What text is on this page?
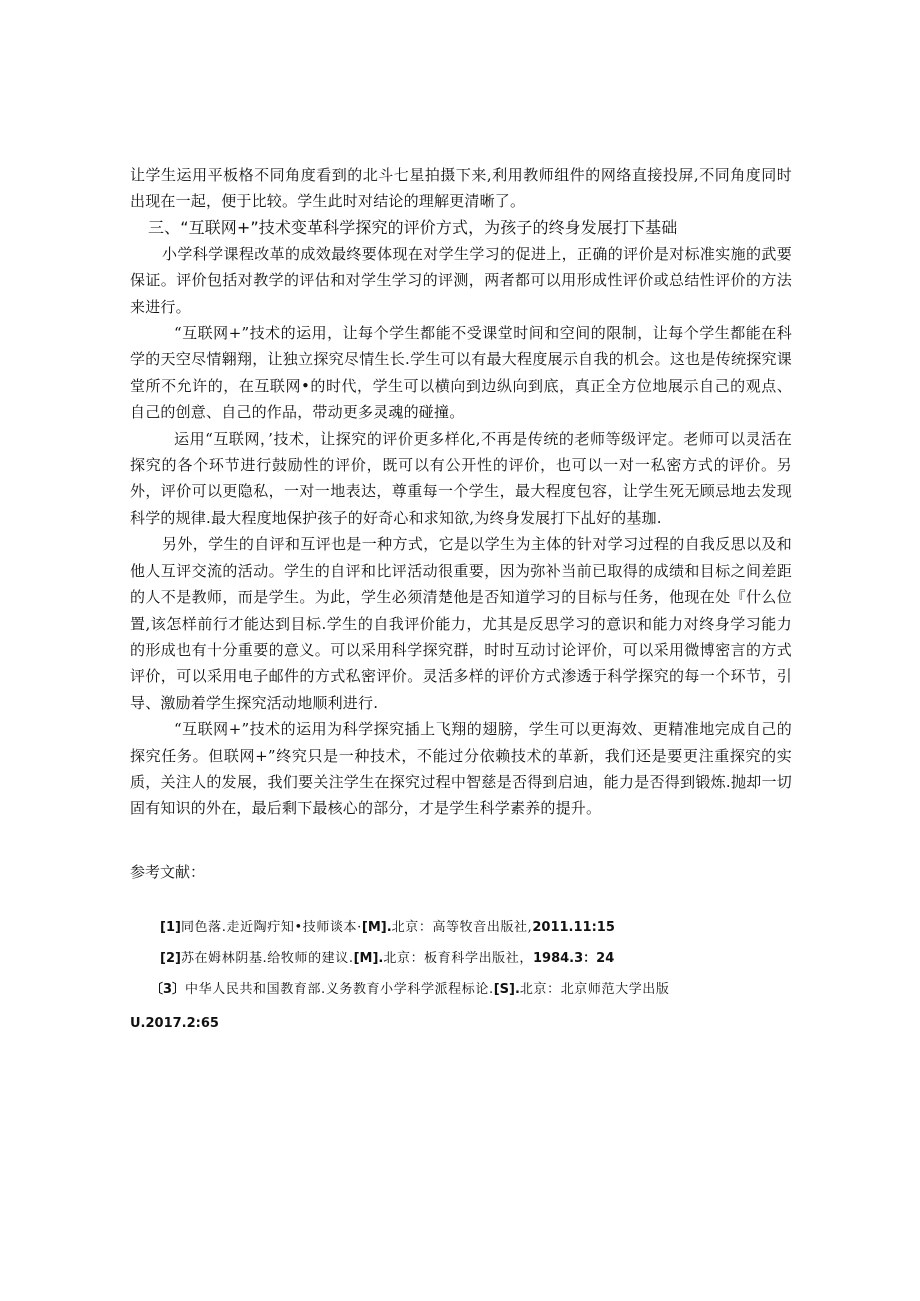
让学生运用平板格不同角度看到的北斗七星拍摄下来,利用教师组件的网络直接投屏,不同角度同时出现在一起，便于比较。学生此时对结论的理解更清晰了。

三、“互联网+”技术变革科学探究的评价方式，为孩子的终身发展打下基础

小学科学课程改革的成效最终要体现在对学生学习的促进上，正确的评价是对标准实施的武要保证。评价包括对教学的评估和对学生学习的评测，两者都可以用形成性评价或总结性评价的方法来进行。

“互联网+”技术的运用，让每个学生都能不受课堂时间和空间的限制，让每个学生都能在科学的天空尽情翱翔，让独立探究尽情生长.学生可以有最大程度展示自我的机会。这也是传统探究课堂所不允许的，在互联网•的时代，学生可以横向到边纵向到底，真正全方位地展示自己的观点、自己的创意、自己的作品，带动更多灵魂的碰撞。

运用“互联网，’技术，让探究的评价更多样化,不再是传统的老师等级评定。老师可以灵活在探究的各个环节进行鼓励性的评价，既可以有公开性的评价，也可以一对一私密方式的评价。另外，评价可以更隐私，一对一地表达，尊重每一个学生，最大程度包容，让学生死无顾忌地去发现科学的规律.最大程度地保护孩子的好奇心和求知欲,为终身发展打下乩好的基珈.

另外，学生的自评和互评也是一种方式，它是以学生为主体的针对学习过程的自我反思以及和他人互评交流的活动。学生的自评和比评活动很重要，因为弥补当前已取得的成绩和目标之间差距的人不是教师，而是学生。为此，学生必须清楚他是否知道学习的目标与任务，他现在处『什么位置,该怎样前行才能达到目标.学生的自我评价能力，尤其是反思学习的意识和能力对终身学习能力的形成也有十分重要的意义。可以采用科学探究群，时时互动讨论评价，可以采用微博密言的方式评价，可以采用电子邮件的方式私密评价。灵活多样的评价方式渗透于科学探究的每一个环节，引导、激励着学生探究活动地顺利进行.

“互联网+”技术的运用为科学探究插上飞翔的翅膀，学生可以更海效、更精准地完成自己的探究任务。但联网+”终究只是一种技术，不能过分依赖技术的革新，我们还是要更注重探究的实质，关注人的发展，我们要关注学生在探究过程中智慈是否得到启迪，能力是否得到锻炼.抛却一切固有知识的外在，最后剩下最核心的部分，才是学生科学素养的提升。

参考文献：
[1]同色落.走近陶疔知•技师谈本·[M].北京：高等牧音出版社,2011.11:15
[2]苏在姆林阴基.给牧师的建议.[M].北京：板育科学出版社，1984.3：24
〔3〕中华人民共和国教育部.义务教育小学科学派程标论.[S].北京：北京师范大学出版
U.2017.2:65
